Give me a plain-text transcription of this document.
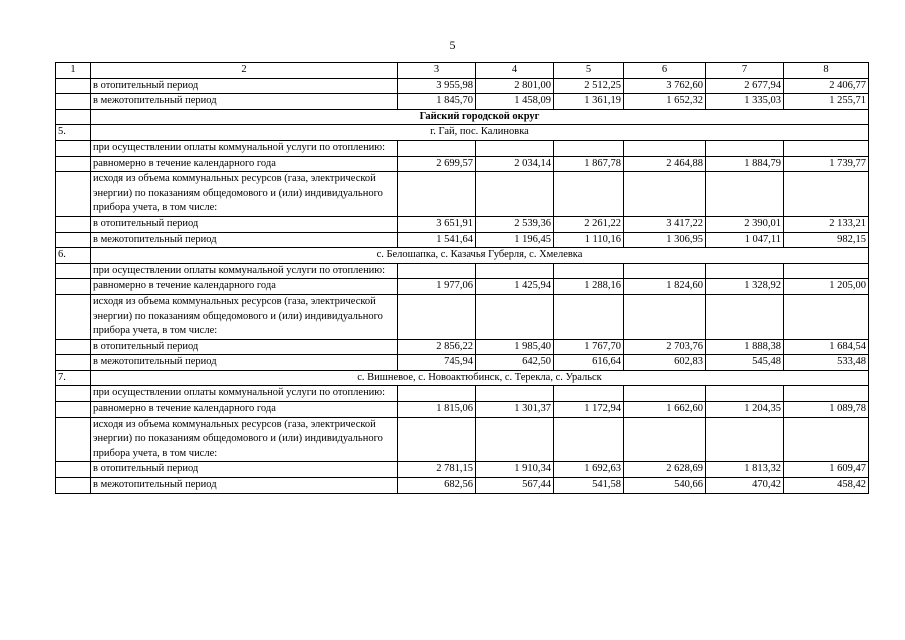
5
1	2	3	4	5	6	7	8
	в отопительный период	3 955,98	2 801,00	2 512,25	3 762,60	2 677,94	2 406,77
	в межотопительный период	1 845,70	1 458,09	1 361,19	1 652,32	1 335,03	1 255,71
	Гайский городской округ						
5.	г. Гай, пос. Калиновка						
	при осуществлении оплаты коммунальной услуги по отоплению:						
	равномерно в течение календарного года	2 699,57	2 034,14	1 867,78	2 464,88	1 884,79	1 739,77
	исходя из объема коммунальных ресурсов (газа, электрической энергии) по показаниям общедомового и (или) индивидуального прибора учета, в том числе:						
	в отопительный период	3 651,91	2 539,36	2 261,22	3 417,22	2 390,01	2 133,21
	в межотопительный период	1 541,64	1 196,45	1 110,16	1 306,95	1 047,11	982,15
6.	с. Белошапка, с. Казачья Губерля, с. Хмелевка						
	при осуществлении оплаты коммунальной услуги по отоплению:						
	равномерно в течение календарного года	1 977,06	1 425,94	1 288,16	1 824,60	1 328,92	1 205,00
	исходя из объема коммунальных ресурсов (газа, электрической энергии) по показаниям общедомового и (или) индивидуального прибора учета, в том числе:						
	в отопительный период	2 856,22	1 985,40	1 767,70	2 703,76	1 888,38	1 684,54
	в межотопительный период	745,94	642,50	616,64	602,83	545,48	533,48
7.	с. Вишневое, с. Новоактюбинск, с. Терекла, с. Уральск						
	при осуществлении оплаты коммунальной услуги по отоплению:						
	равномерно в течение календарного года	1 815,06	1 301,37	1 172,94	1 662,60	1 204,35	1 089,78
	исходя из объема коммунальных ресурсов (газа, электрической энергии) по показаниям общедомового и (или) индивидуального прибора учета, в том числе:						
	в отопительный период	2 781,15	1 910,34	1 692,63	2 628,69	1 813,32	1 609,47
	в межотопительный период	682,56	567,44	541,58	540,66	470,42	458,42
